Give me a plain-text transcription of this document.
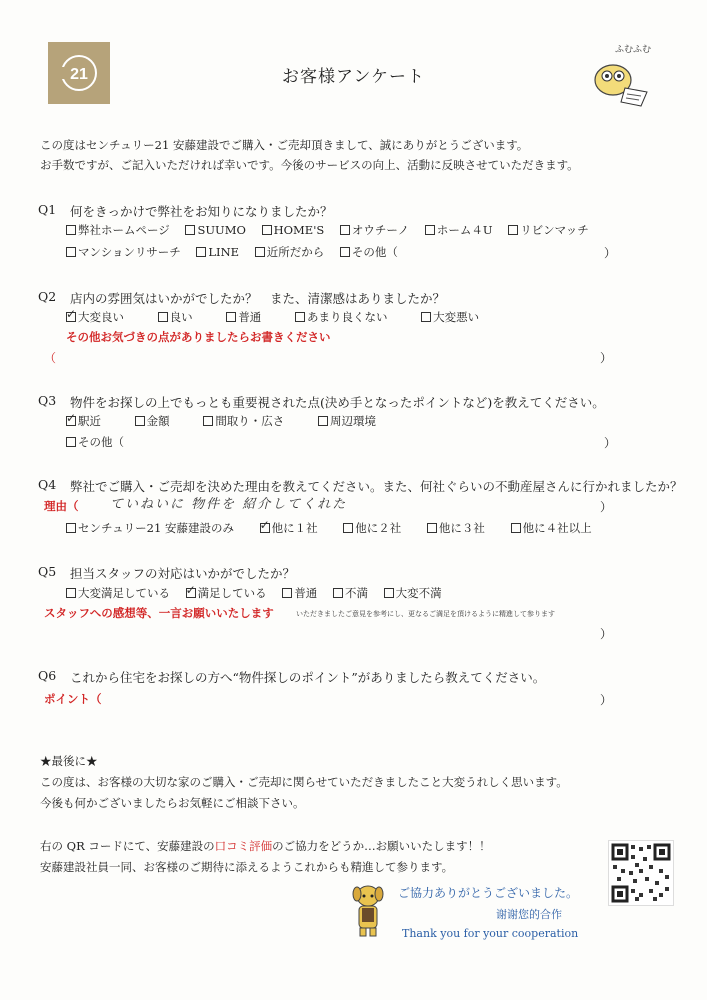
21	お客様アンケート
ふむふむ
この度はセンチュリー21 安藤建設でご購入・ご売却頂きまして、誠にありがとうございます。
お手数ですが、ご記入いただければ幸いです。今後のサービスの向上、活動に反映させていただきます。
Q1 何をきっかけで弊社をお知りになりましたか？
弊社ホームページ SUUMO HOME'S オウチーノ ホーム４U リビンマッチ
マンションリサーチ LINE 近所だから その他（	）
Q2 店内の雰囲気はいかがでしたか？　また、清潔感はありましたか？
✓大変良い	良い	普通	あまり良くない	大変悪い
その他お気づきの点がありましたらお書きください
（	）
Q3 物件をお探しの上でもっとも重要視された点(決め手となったポイントなど)を教えてください。
✓駅近	金額	間取り・広さ	周辺環境
その他（	）
Q4 弊社でご購入・ご売却を決めた理由を教えてください。また、何社ぐらいの不動産屋さんに行かれましたか？
理由（ ていねいに 物件を 紹介してくれた	）
センチュリー21 安藤建設のみ ✓	他に１社	他に２社	他に３社	他に４社以上
Q5 担当スタッフの対応はいかがでしたか？
大変満足している ✓ 満足している 普通 不満 大変不満
スタッフへの感想等、一言お願いいたします	いただきましたご意見を参考にし、更なるご満足を頂けるように精進して参ります
）
Q6 これから住宅をお探しの方へ“物件探しのポイント”がありましたら教えてください。
ポイント（	）
★最後に★
この度は、お客様の大切な家のご購入・ご売却に関らせていただきましたこと大変うれしく思います。
今後も何かございましたらお気軽にご相談下さい。
右の QR コードにて、安藤建設の口コミ評価のご協力をどうか…お願いいたします！！
安藤建設社員一同、お客様のご期待に添えるようこれからも精進して参ります。
ご協力ありがとうございました。
谢谢您的合作
Thank you for your cooperation
